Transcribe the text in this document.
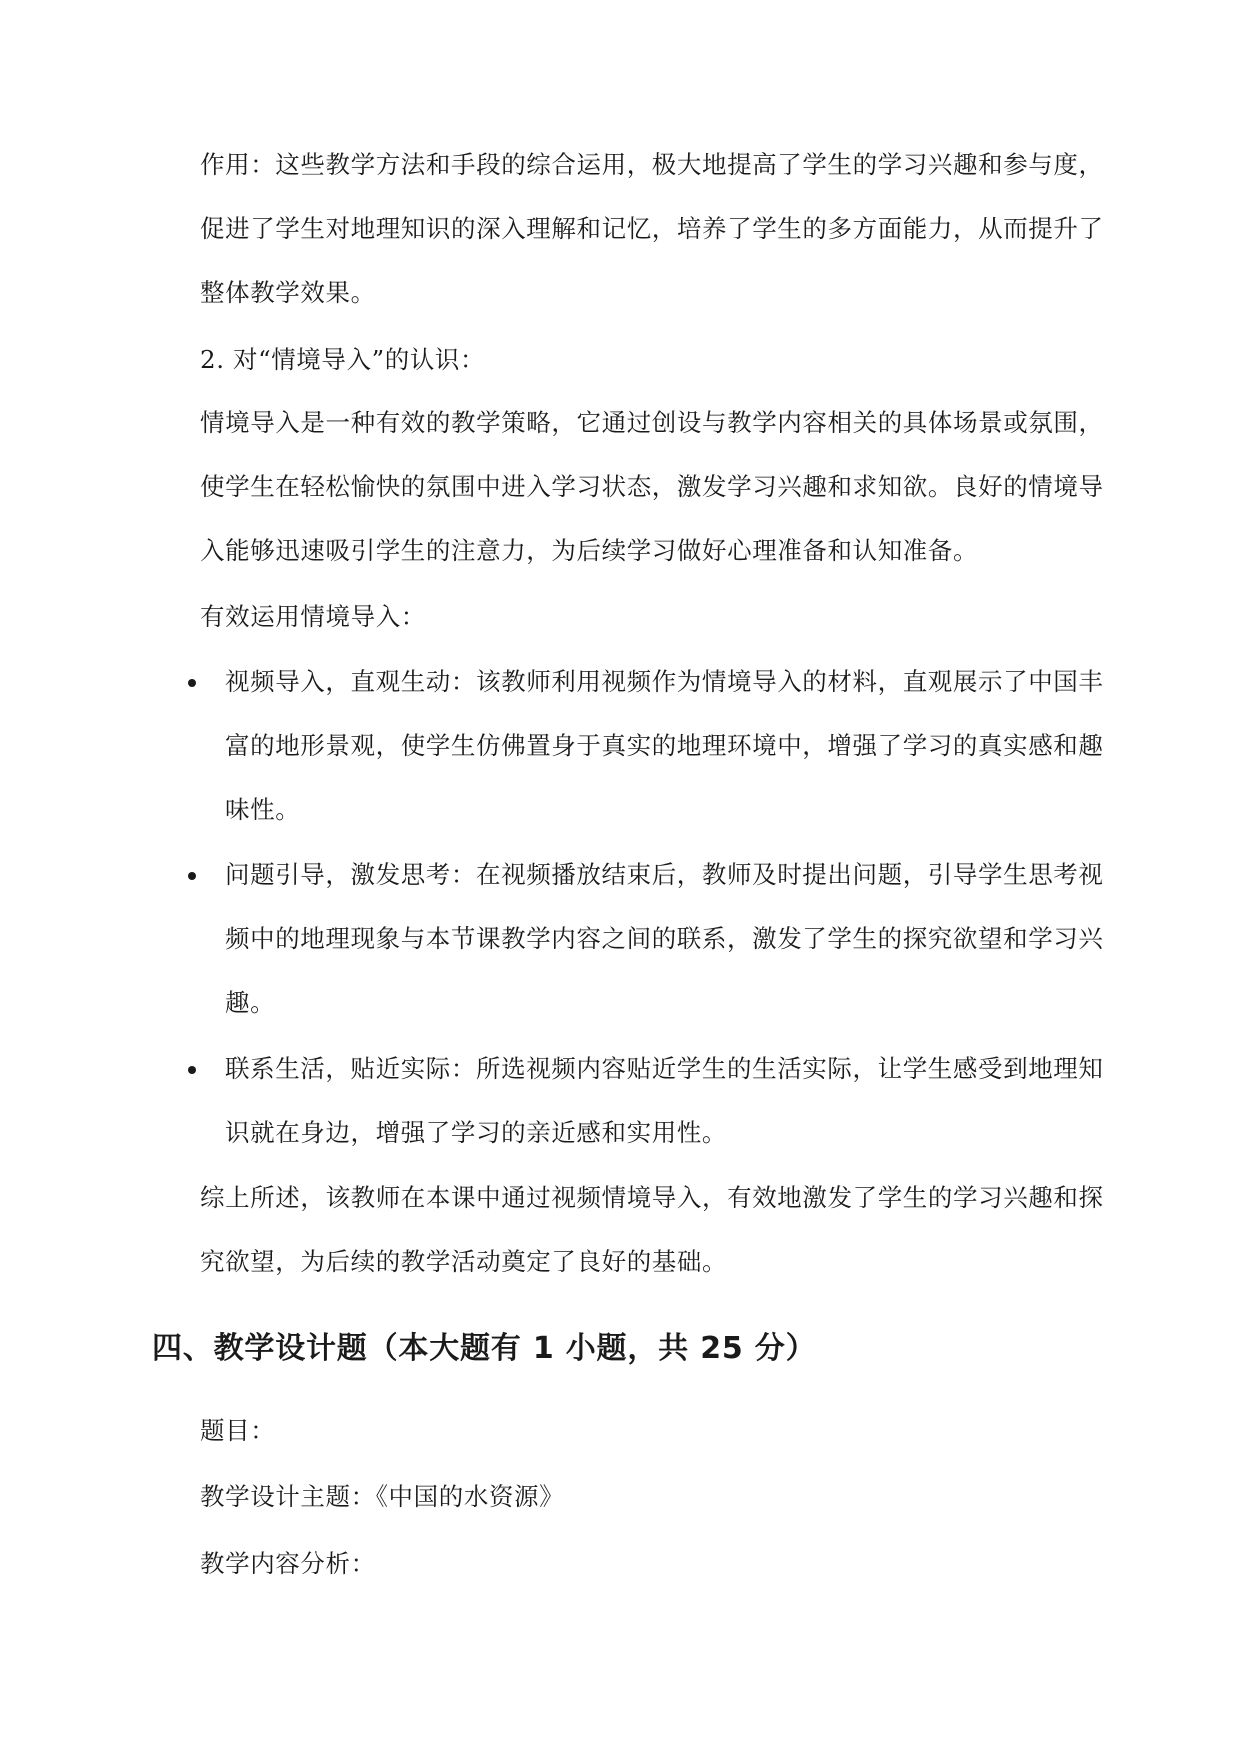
作用：这些教学方法和手段的综合运用，极大地提高了学生的学习兴趣和参与度，
促进了学生对地理知识的深入理解和记忆，培养了学生的多方面能力，从而提升了
整体教学效果。
2. 对“情境导入”的认识：
情境导入是一种有效的教学策略，它通过创设与教学内容相关的具体场景或氛围，
使学生在轻松愉快的氛围中进入学习状态，激发学习兴趣和求知欲。良好的情境导
入能够迅速吸引学生的注意力，为后续学习做好心理准备和认知准备。
有效运用情境导入：
视频导入，直观生动：该教师利用视频作为情境导入的材料，直观展示了中国丰
富的地形景观，使学生仿佛置身于真实的地理环境中，增强了学习的真实感和趣
味性。
问题引导，激发思考：在视频播放结束后，教师及时提出问题，引导学生思考视
频中的地理现象与本节课教学内容之间的联系，激发了学生的探究欲望和学习兴
趣。
联系生活，贴近实际：所选视频内容贴近学生的生活实际，让学生感受到地理知
识就在身边，增强了学习的亲近感和实用性。
综上所述，该教师在本课中通过视频情境导入，有效地激发了学生的学习兴趣和探
究欲望，为后续的教学活动奠定了良好的基础。
四、教学设计题（本大题有 1 小题，共 25 分）
题目：
教学设计主题：《中国的水资源》
教学内容分析：
